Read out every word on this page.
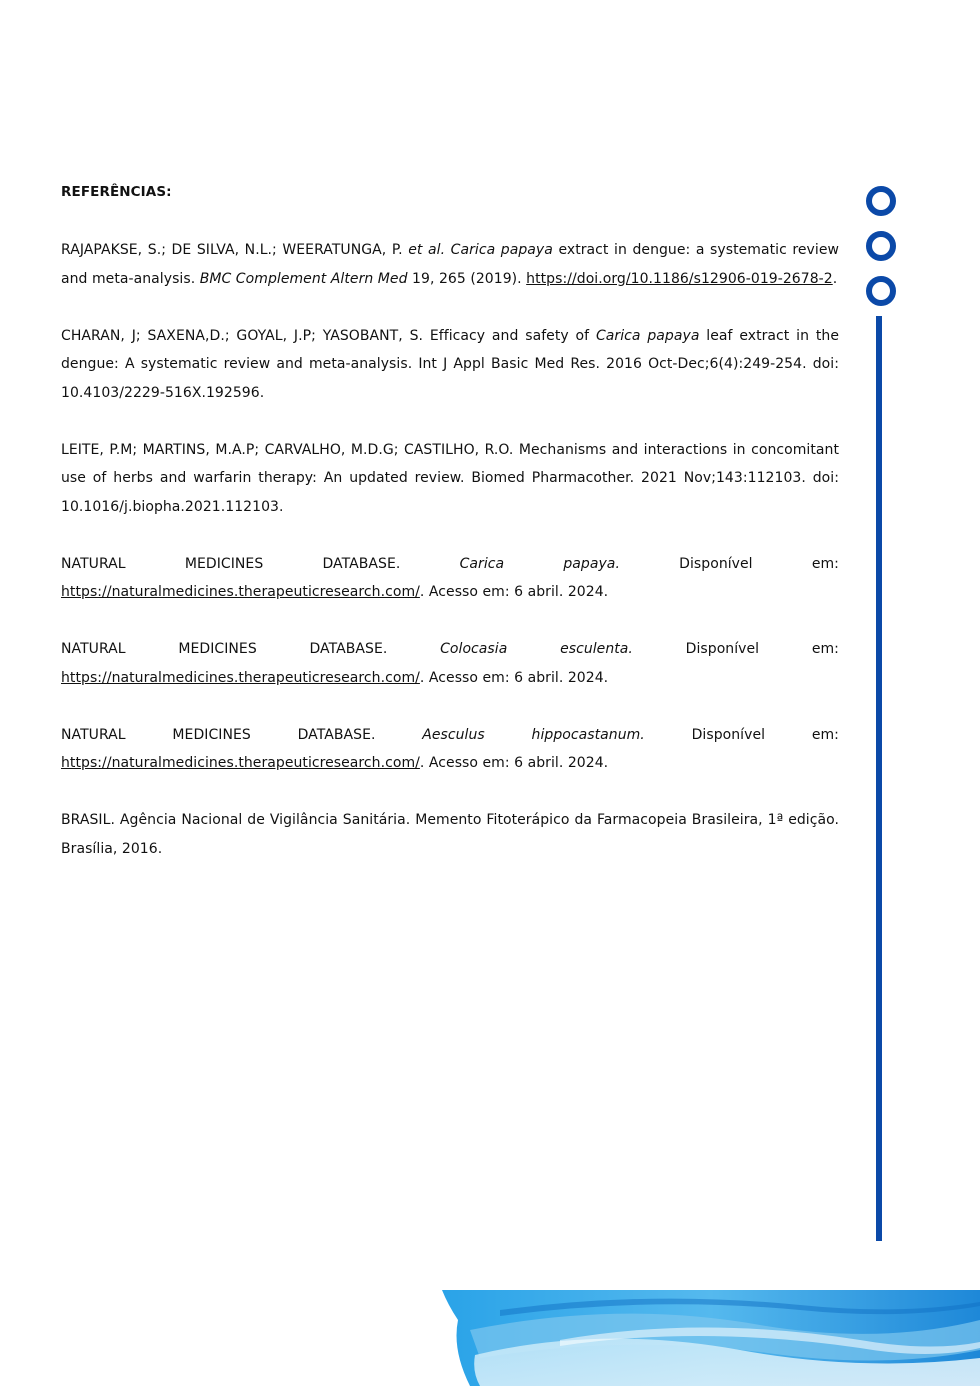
REFERÊNCIAS:

RAJAPAKSE, S.; DE SILVA, N.L.; WEERATUNGA, P. et al. Carica papaya extract in dengue: a systematic review and meta-analysis. BMC Complement Altern Med 19, 265 (2019). https://doi.org/10.1186/s12906-019-2678-2.

CHARAN, J; SAXENA,D.; GOYAL, J.P; YASOBANT, S. Efficacy and safety of Carica papaya leaf extract in the dengue: A systematic review and meta-analysis. Int J Appl Basic Med Res. 2016 Oct-Dec;6(4):249-254. doi: 10.4103/2229-516X.192596.

LEITE, P.M; MARTINS, M.A.P; CARVALHO, M.D.G; CASTILHO, R.O. Mechanisms and interactions in concomitant use of herbs and warfarin therapy: An updated review. Biomed Pharmacother. 2021 Nov;143:112103. doi: 10.1016/j.biopha.2021.112103.

NATURAL	MEDICINES	DATABASE.	Carica	papaya.	Disponível	em:
https://naturalmedicines.therapeuticresearch.com/. Acesso em: 6 abril. 2024.
NATURAL	MEDICINES	DATABASE.	Colocasia	esculenta.	Disponível	em:
https://naturalmedicines.therapeuticresearch.com/. Acesso em: 6 abril. 2024.
NATURAL	MEDICINES	DATABASE.	Aesculus	hippocastanum.	Disponível	em:
https://naturalmedicines.therapeuticresearch.com/. Acesso em: 6 abril. 2024.

BRASIL. Agência Nacional de Vigilância Sanitária. Memento Fitoterápico da Farmacopeia Brasileira, 1ª edição. Brasília, 2016.
